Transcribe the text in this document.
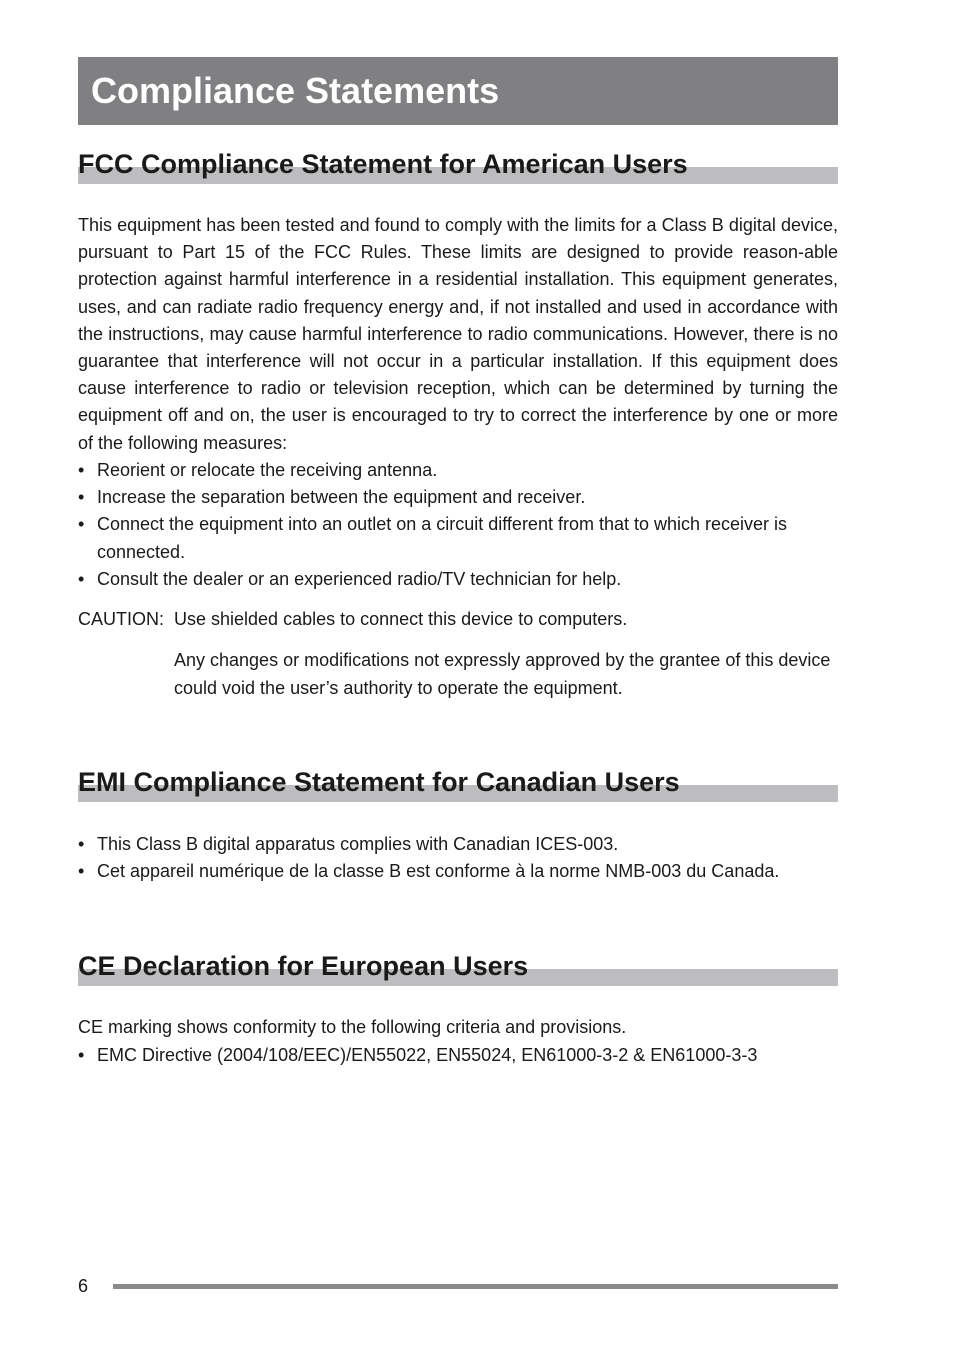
Compliance Statements
FCC Compliance Statement for American Users

This equipment has been tested and found to comply with the limits for a Class B digital device, pursuant to Part 15 of the FCC Rules. These limits are designed to provide reason-able protection against harmful interference in a residential installation. This equipment generates, uses, and can radiate radio frequency energy and, if not installed and used in accordance with the instructions, may cause harmful interference to radio communications. However, there is no guarantee that interference will not occur in a particular installation. If this equipment does cause interference to radio or television reception, which can be determined by turning the equipment off and on, the user is encouraged to try to correct the interference by one or more of the following measures:

• Reorient or relocate the receiving antenna.
• Increase the separation between the equipment and receiver.
• Connect the equipment into an outlet on a circuit different from that to which receiver is connected.
• Consult the dealer or an experienced radio/TV technician for help.
CAUTION: Use shielded cables to connect this device to computers.

Any changes or modifications not expressly approved by the grantee of this device could void the user’s authority to operate the equipment.

EMI Compliance Statement for Canadian Users
• This Class B digital apparatus complies with Canadian ICES-003.
• Cet appareil numérique de la classe B est conforme à la norme NMB-003 du Canada.
CE Declaration for European Users

CE marking shows conformity to the following criteria and provisions.

• EMC Directive (2004/108/EEC)/EN55022, EN55024, EN61000-3-2 & EN61000-3-3
6
